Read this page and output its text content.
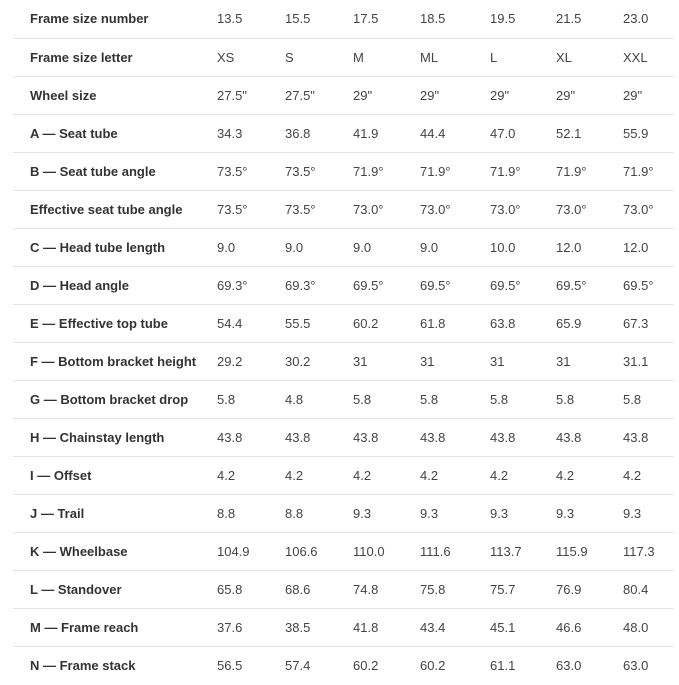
Frame size number	13.5	15.5	17.5	18.5	19.5	21.5	23.0
Frame size letter	XS	S	M	ML	L	XL	XXL
Wheel size	27.5"	27.5"	29"	29"	29"	29"	29"
A — Seat tube	34.3	36.8	41.9	44.4	47.0	52.1	55.9
B — Seat tube angle	73.5°	73.5°	71.9°	71.9°	71.9°	71.9°	71.9°
Effective seat tube angle	73.5°	73.5°	73.0°	73.0°	73.0°	73.0°	73.0°
C — Head tube length	9.0	9.0	9.0	9.0	10.0	12.0	12.0
D — Head angle	69.3°	69.3°	69.5°	69.5°	69.5°	69.5°	69.5°
E — Effective top tube	54.4	55.5	60.2	61.8	63.8	65.9	67.3
F — Bottom bracket height	29.2	30.2	31	31	31	31	31.1
G — Bottom bracket drop	5.8	4.8	5.8	5.8	5.8	5.8	5.8
H — Chainstay length	43.8	43.8	43.8	43.8	43.8	43.8	43.8
I — Offset	4.2	4.2	4.2	4.2	4.2	4.2	4.2
J — Trail	8.8	8.8	9.3	9.3	9.3	9.3	9.3
K — Wheelbase	104.9	106.6	110.0	111.6	113.7	115.9	117.3
L — Standover	65.8	68.6	74.8	75.8	75.7	76.9	80.4
M — Frame reach	37.6	38.5	41.8	43.4	45.1	46.6	48.0
N — Frame stack	56.5	57.4	60.2	60.2	61.1	63.0	63.0
